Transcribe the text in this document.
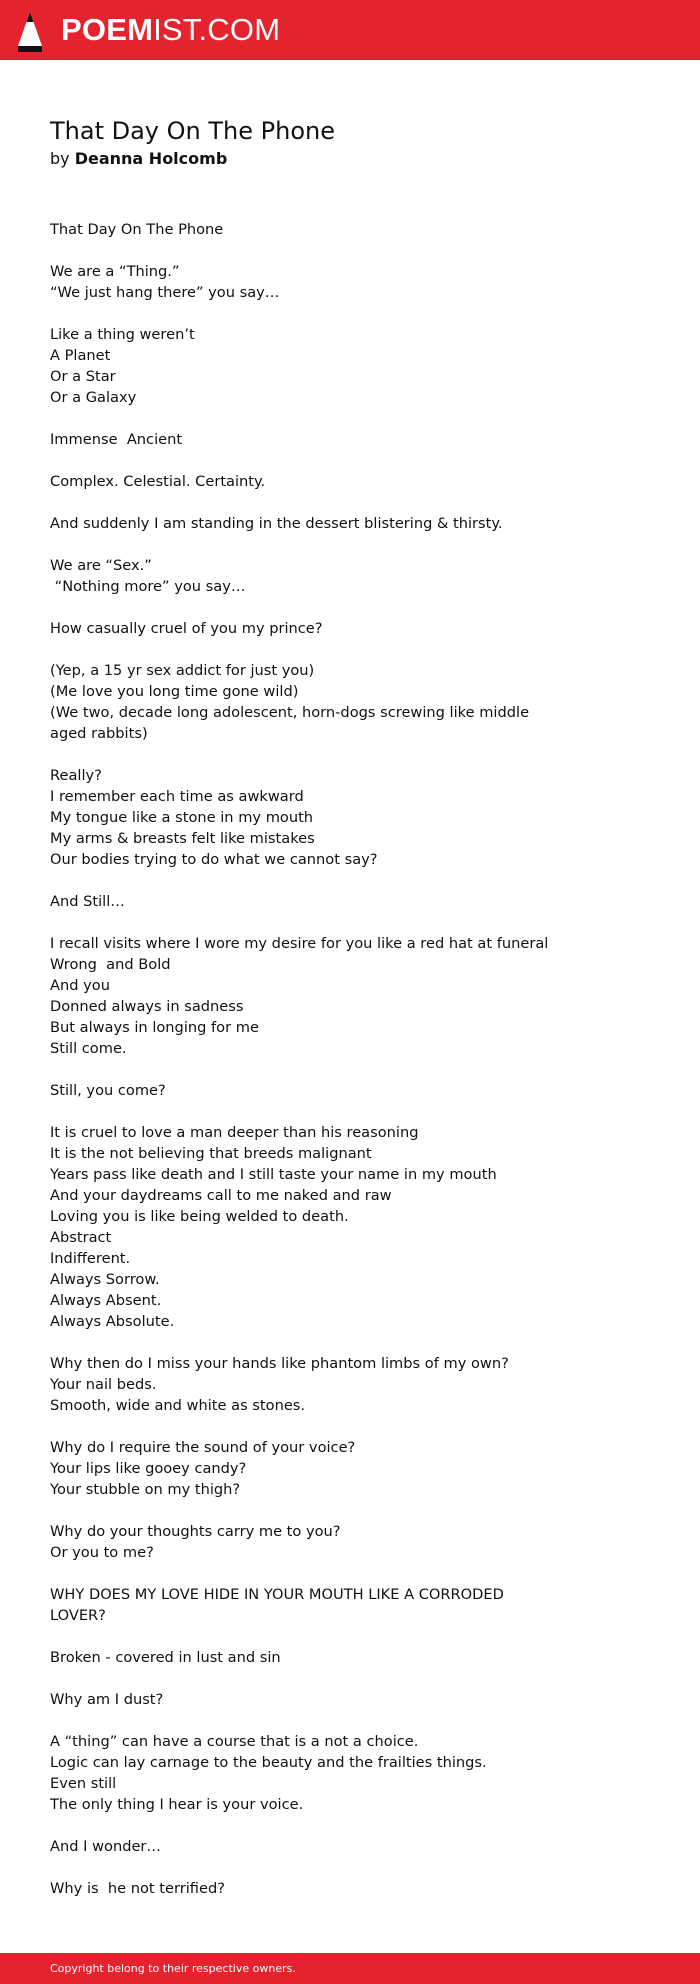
POEMIST.COM
That Day On The Phone
by Deanna Holcomb
That Day On The Phone

We are a “Thing.”
“We just hang there” you say…

Like a thing weren’t
A Planet
Or a Star
Or a Galaxy

Immense  Ancient

Complex. Celestial. Certainty.

And suddenly I am standing in the dessert blistering & thirsty.

We are “Sex.”
“Nothing more” you say…

How casually cruel of you my prince?

(Yep, a 15 yr sex addict for just you)
(Me love you long time gone wild)
(We two, decade long adolescent, horn-dogs screwing like middle aged rabbits)

Really?
I remember each time as awkward
My tongue like a stone in my mouth
My arms & breasts felt like mistakes
Our bodies trying to do what we cannot say?

And Still…

I recall visits where I wore my desire for you like a red hat at funeral
Wrong  and Bold
And you
Donned always in sadness
But always in longing for me
Still come.

Still, you come?

It is cruel to love a man deeper than his reasoning
It is the not believing that breeds malignant
Years pass like death and I still taste your name in my mouth
And your daydreams call to me naked and raw
Loving you is like being welded to death.
Abstract
Indifferent.
Always Sorrow.
Always Absent.
Always Absolute.

Why then do I miss your hands like phantom limbs of my own?
Your nail beds.
Smooth, wide and white as stones.

Why do I require the sound of your voice?
Your lips like gooey candy?
Your stubble on my thigh?

Why do your thoughts carry me to you?
Or you to me?

WHY DOES MY LOVE HIDE IN YOUR MOUTH LIKE A CORRODED LOVER?

Broken - covered in lust and sin

Why am I dust?

A “thing” can have a course that is a not a choice.
Logic can lay carnage to the beauty and the frailties things.
Even still
The only thing I hear is your voice.

And I wonder…

Why is  he not terrified?
Copyright belong to their respective owners.
